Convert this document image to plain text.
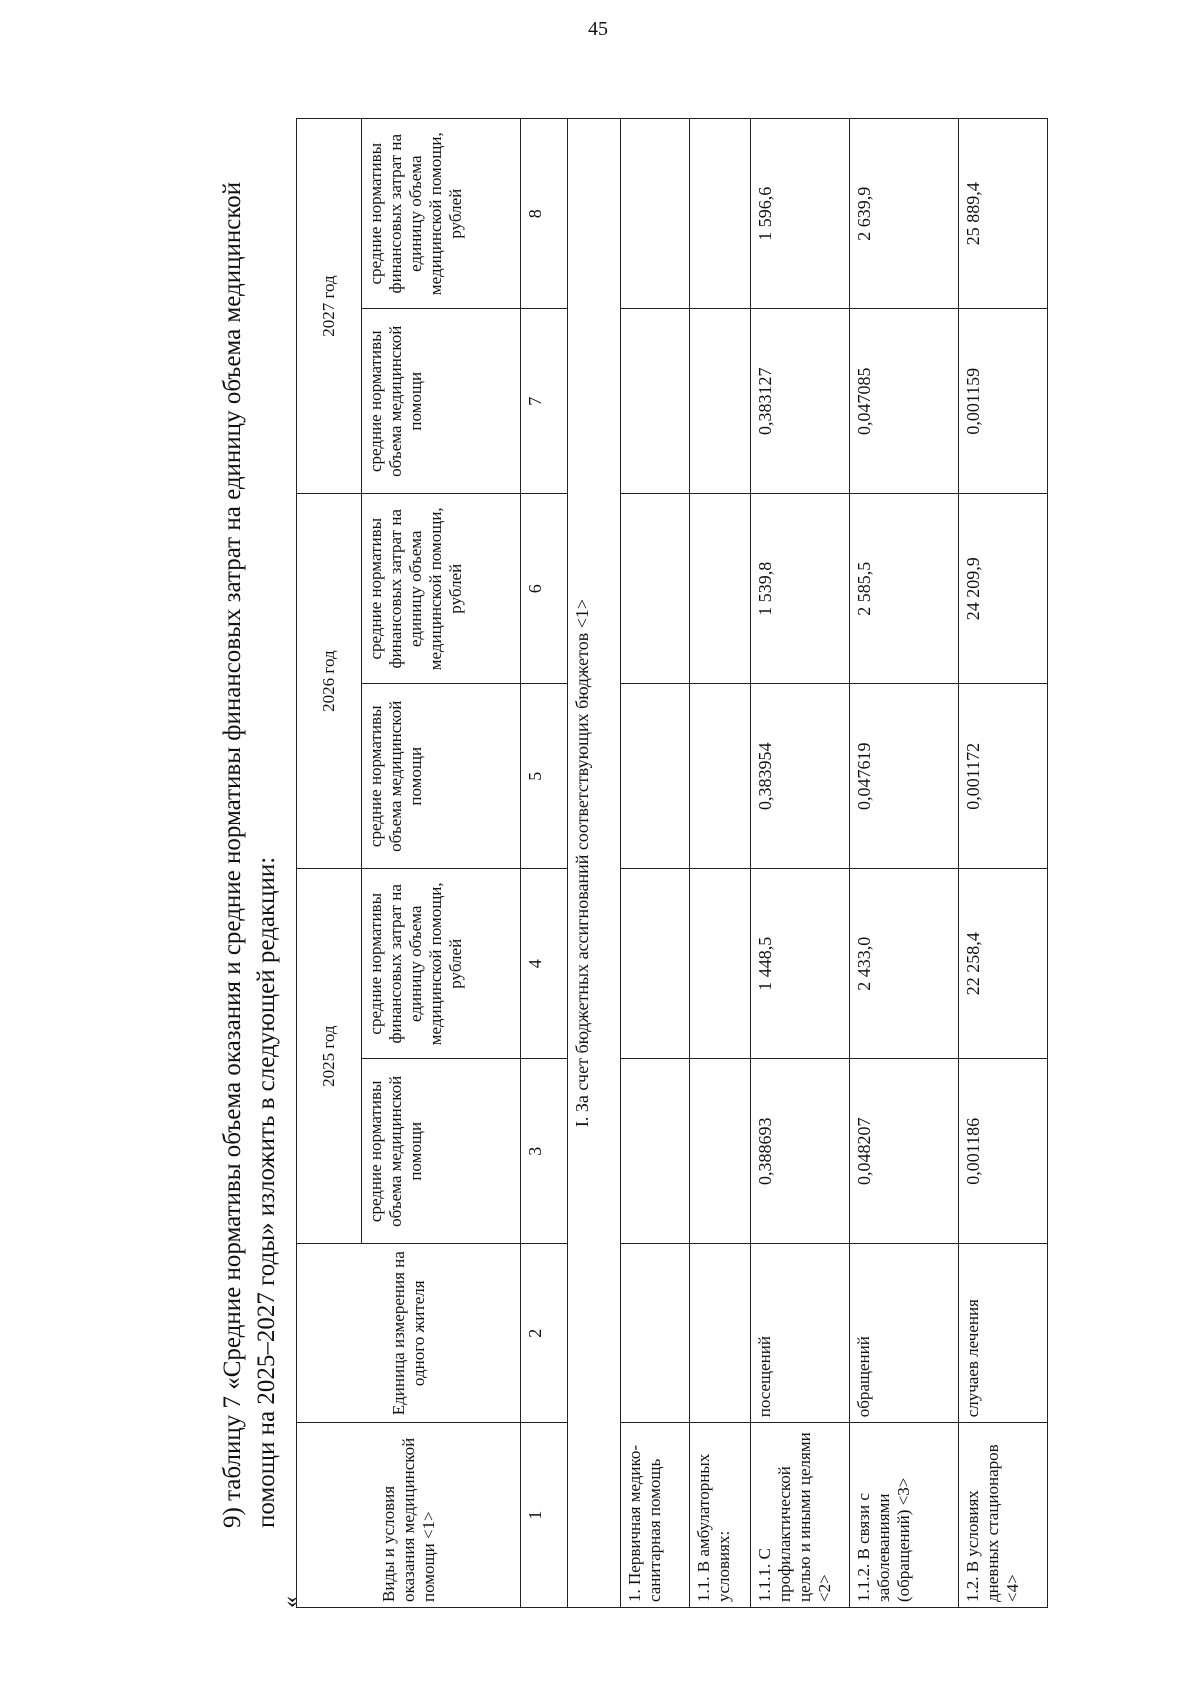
45
9) таблицу 7 «Средние нормативы объема оказания и средние нормативы финансовых затрат на единицу объема медицинской помощи на 2025–2027 годы» изложить в следующей редакции:
«	Виды и условия оказания медицинской помощи <1>	Единица измерения на одного жителя	2025 год		2026 год		2027 год	
		средние нормативы объема медицинской помощи	средние нормативы финансовых затрат на единицу объема медицинской помощи, рублей	средние нормативы объема медицинской помощи	средние нормативы финансовых затрат на единицу объема медицинской помощи, рублей	средние нормативы объема медицинской помощи	средние нормативы финансовых затрат на единицу объема медицинской помощи, рублей
1	2	3	4	5	6	7	8
I. За счет бюджетных ассигнований соответствующих бюджетов <1>							
1. Первичная медико-санитарная помощь							
1.1. В амбулаторных условиях:							
1.1.1. С профилактической целью и иными целями <2>	посещений	0,388693	1 448,5	0,383954	1 539,8	0,383127	1 596,6
1.1.2. В связи с заболеваниями (обращений) <3>	обращений	0,048207	2 433,0	0,047619	2 585,5	0,047085	2 639,9
1.2. В условиях дневных стационаров <4>	случаев лечения	0,001186	22 258,4	0,001172	24 209,9	0,001159	25 889,4
